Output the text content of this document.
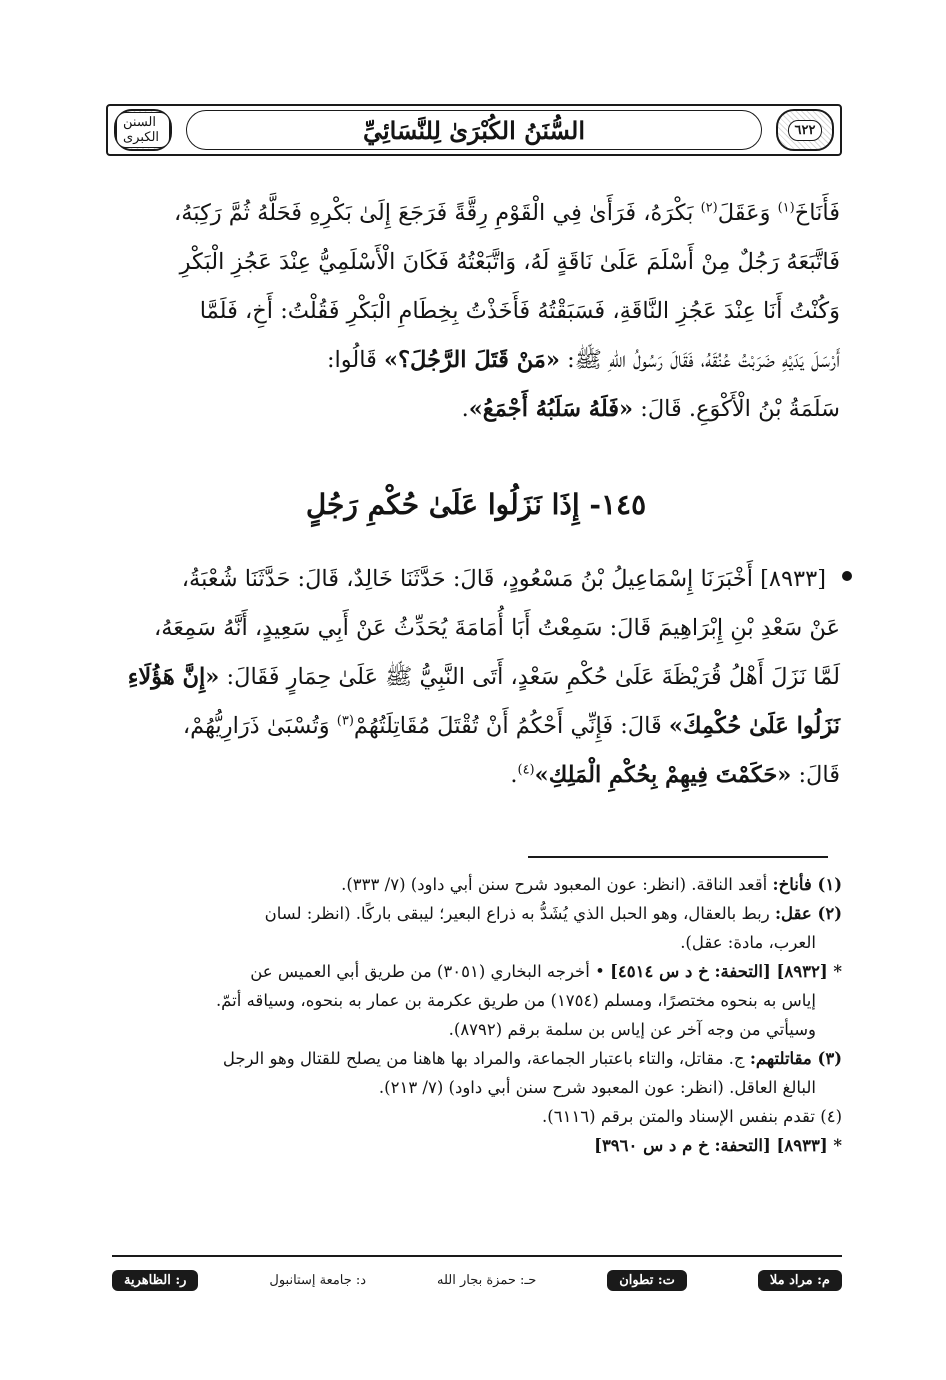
السنن الكبرى	السُّنَنُ الكُبْرَىٰ لِلنَّسَائِيِّ	٦٢٢
فَأَنَاخَ$^{(١)}$ وَعَقَلَ$^{(٢)}$ بَكْرَهُ، فَرَأَىٰ فِي الْقَوْمِ رِقَّةً فَرَجَعَ إِلَىٰ بَكْرِهِ فَحَلَّهُ ثُمَّ رَكِبَهُ،
فَاتَّبَعَهُ رَجُلٌ مِنْ أَسْلَمَ عَلَىٰ نَاقَةٍ لَهُ، وَاتَّبَعْتُهُ فَكَانَ الْأَسْلَمِيُّ عِنْدَ عَجُزِ الْبَكْرِ
وَكُنْتُ أَنَا عِنْدَ عَجُزِ النَّاقَةِ، فَسَبَقْتُهُ فَأَخَذْتُ بِخِطَامِ الْبَكْرِ فَقُلْتُ: أَخِ، فَلَمَّا
أَرْسَلَ يَدَيْهِ ضَرَبْتُ عُنُقَهُ، فَقَالَ رَسُولُ اللهِ ﷺ: «مَنْ قَتَلَ الرَّجُلَ؟» قَالُوا:
سَلَمَةُ بْنُ الْأَكْوَعِ. قَالَ: «فَلَهُ سَلَبُهُ أَجْمَعُ».
١٤٥- إِذَا نَزَلُوا عَلَىٰ حُكْمِ رَجُلٍ
[٨٩٣٣] أَخْبَرَنَا إِسْمَاعِيلُ بْنُ مَسْعُودٍ، قَالَ: حَدَّثَنَا خَالِدٌ، قَالَ: حَدَّثَنَا شُعْبَةُ،
عَنْ سَعْدِ بْنِ إِبْرَاهِيمَ قَالَ: سَمِعْتُ أَبَا أُمَامَةَ يُحَدِّثُ عَنْ أَبِي سَعِيدٍ، أَنَّهُ سَمِعَهُ،
لَمَّا نَزَلَ أَهْلُ قُرَيْظَةَ عَلَىٰ حُكْمِ سَعْدٍ، أَتَى النَّبِيُّ ﷺ عَلَىٰ حِمَارٍ فَقَالَ: «إِنَّ هَؤُلَاءِ
نَزَلُوا عَلَىٰ حُكْمِكَ» قَالَ: فَإِنِّي أَحْكُمُ أَنْ تُقْتَلَ مُقَاتِلَتُهُمْ$^{(٣)}$ وَتُسْبَىٰ ذَرَارِيُّهُمْ،
قَالَ: «حَكَمْتَ فِيهِمْ بِحُكْمِ الْمَلِكِ»$^{(٤)}$.
(١) فأناخ: أقعد الناقة. (انظر: عون المعبود شرح سنن أبي داود) (٧/ ٣٣٣).
(٢) عقل: ربط بالعقال، وهو الحبل الذي يُشَدُّ به ذراع البعير؛ ليبقى باركًا. (انظر: لسان
العرب، مادة: عقل).
* [٨٩٣٢] [التحفة: خ د س ٤٥١٤] • أخرجه البخاري (٣٠٥١) من طريق أبي العميس عن
إياس به بنحوه مختصرًا، ومسلم (١٧٥٤) من طريق عكرمة بن عمار به بنحوه، وسياقه أتمّ.
وسيأتي من وجه آخر عن إياس بن سلمة برقم (٨٧٩٢).
(٣) مقاتلتهم: ج. مقاتل، والتاء باعتبار الجماعة، والمراد بها هاهنا من يصلح للقتال وهو الرجل
البالغ العاقل. (انظر: عون المعبود شرح سنن أبي داود) (٧/ ٢١٣).
(٤) تقدم بنفس الإسناد والمتن برقم (٦١١٦).
* [٨٩٣٣] [التحفة: خ م د س ٣٩٦٠]
م: مراد ملا
ت: تطوان
حـ: حمزة بجار الله
د: جامعة إستانبول
ر: الظاهرية
